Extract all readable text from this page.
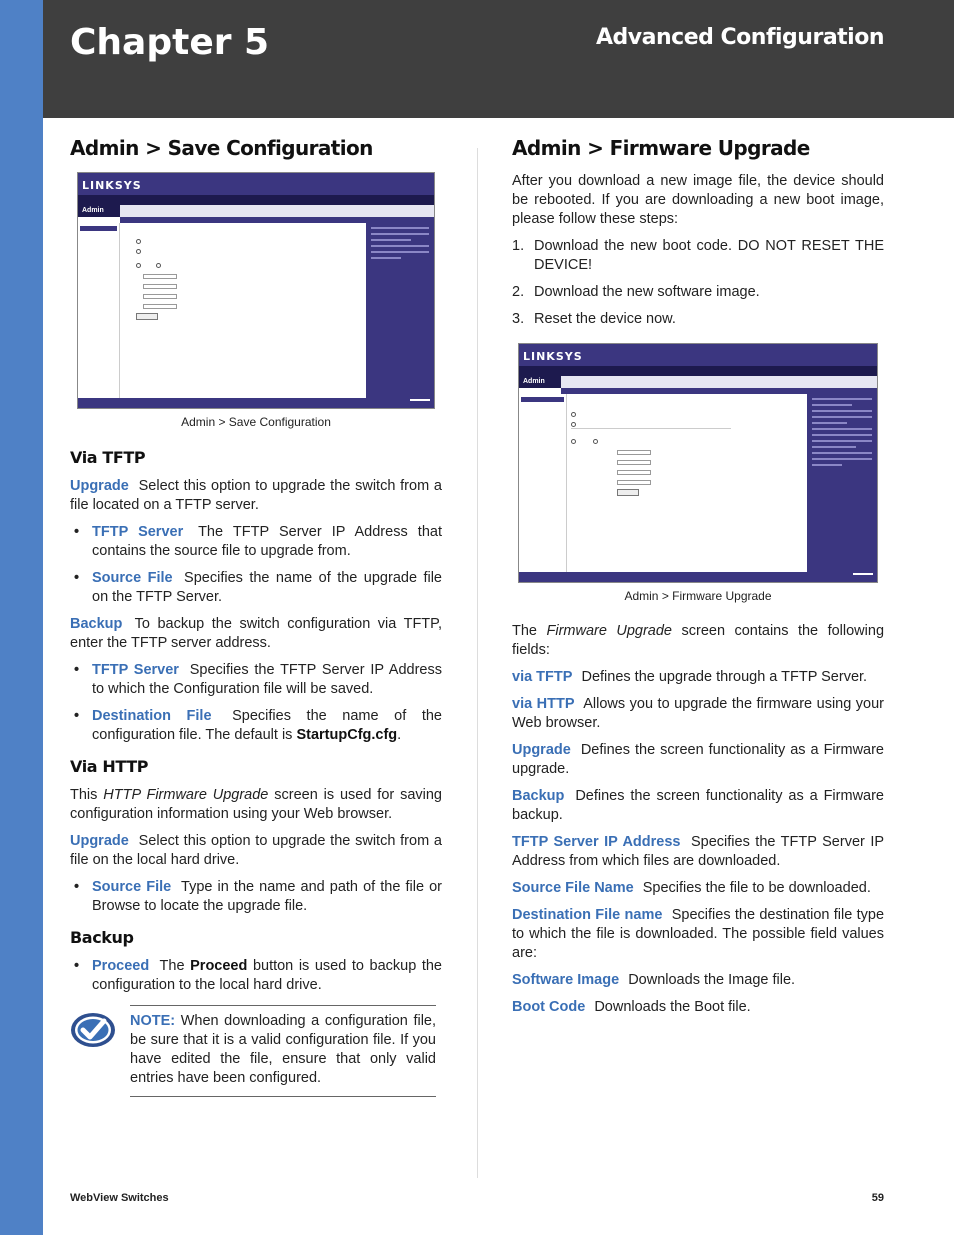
Chapter 5	Advanced Configuration
Admin > Save Configuration
LINKSYS
Admin

Admin > Save Configuration
Via TFTP

Upgrade Select this option to upgrade the switch from a file located on a TFTP server.

• TFTP Server The TFTP Server IP Address that contains the source file to upgrade from.
• Source File Specifies the name of the upgrade file on the TFTP Server.

Backup To backup the switch configuration via TFTP, enter the TFTP server address.

• TFTP Server Specifies the TFTP Server IP Address to which the Configuration file will be saved.
• Destination File Specifies the name of the configuration file. The default is StartupCfg.cfg.
Via HTTP

This HTTP Firmware Upgrade screen is used for saving configuration information using your Web browser.

Upgrade Select this option to upgrade the switch from a file on the local hard drive.

• Source File Type in the name and path of the file or Browse to locate the upgrade file.
Backup
• Proceed The Proceed button is used to backup the configuration to the local hard drive.
NOTE: When downloading a configuration file, be sure that it is a valid configuration file. If you have edited the file, ensure that only valid entries have been configured.
Admin > Firmware Upgrade

After you download a new image file, the device should be rebooted. If you are downloading a new boot image, please follow these steps:

1. Download the new boot code. DO NOT RESET THE DEVICE!
2. Download the new software image.
3. Reset the device now.
LINKSYS
Admin
Admin > Firmware Upgrade

The Firmware Upgrade screen contains the following fields:

via TFTP Defines the upgrade through a TFTP Server.

via HTTP Allows you to upgrade the firmware using your Web browser.

Upgrade Defines the screen functionality as a Firmware upgrade.

Backup Defines the screen functionality as a Firmware backup.

TFTP Server IP Address Specifies the TFTP Server IP Address from which files are downloaded.

Source File Name Specifies the file to be downloaded.

Destination File name Specifies the destination file type to which the file is downloaded. The possible field values are:

Software Image Downloads the Image file.

Boot Code Downloads the Boot file.

WebView Switches	59
